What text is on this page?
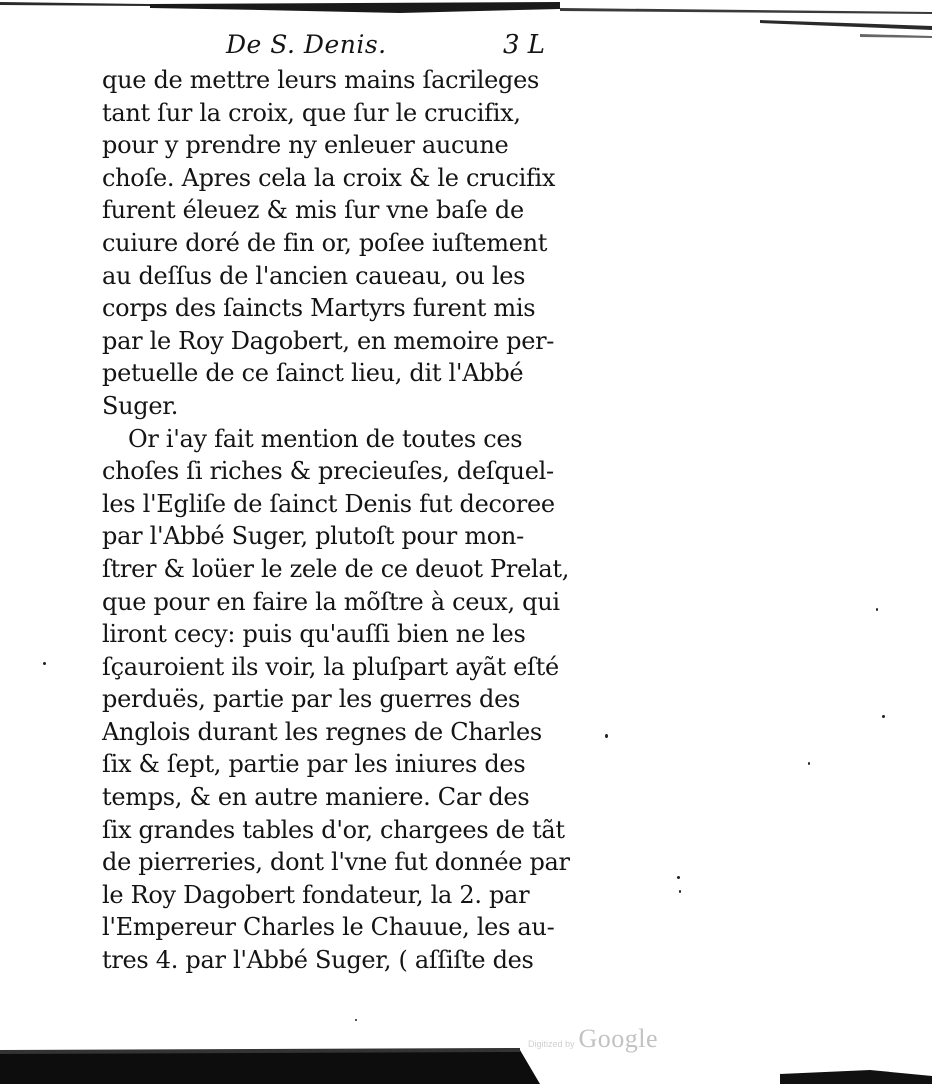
De S. Denis.	3 L
que de mettre leurs mains ſacrileges
tant ſur la croix, que ſur le crucifix,
pour y prendre ny enleuer aucune
choſe. Apres cela la croix & le crucifix
furent éleuez & mis ſur vne baſe de
cuiure doré de fin or, poſee iuſtement
au deſſus de l'ancien caueau, ou les
corps des ſaincts Martyrs furent mis
par le Roy Dagobert, en memoire per-
petuelle de ce ſainct lieu, dit l'Abbé
Suger.
Or i'ay fait mention de toutes ces
choſes ſi riches & precieuſes, deſquel-
les l'Egliſe de ſainct Denis fut decoree
par l'Abbé Suger, plutoſt pour mon-
ſtrer & loüer le zele de ce deuot Prelat,
que pour en faire la mõſtre à ceux, qui
liront cecy: puis qu'auſſi bien ne les
ſçauroient ils voir, la pluſpart ayãt eſté
perduës, partie par les guerres des
Anglois durant les regnes de Charles
ſix & ſept, partie par les iniures des
temps, & en autre maniere. Car des
ſix grandes tables d'or, chargees de tãt
de pierreries, dont l'vne fut donnée par
le Roy Dagobert fondateur, la 2. par
l'Empereur Charles le Chauue, les au-
tres 4. par l'Abbé Suger, ( aſſiſte des
Digitized by Google
